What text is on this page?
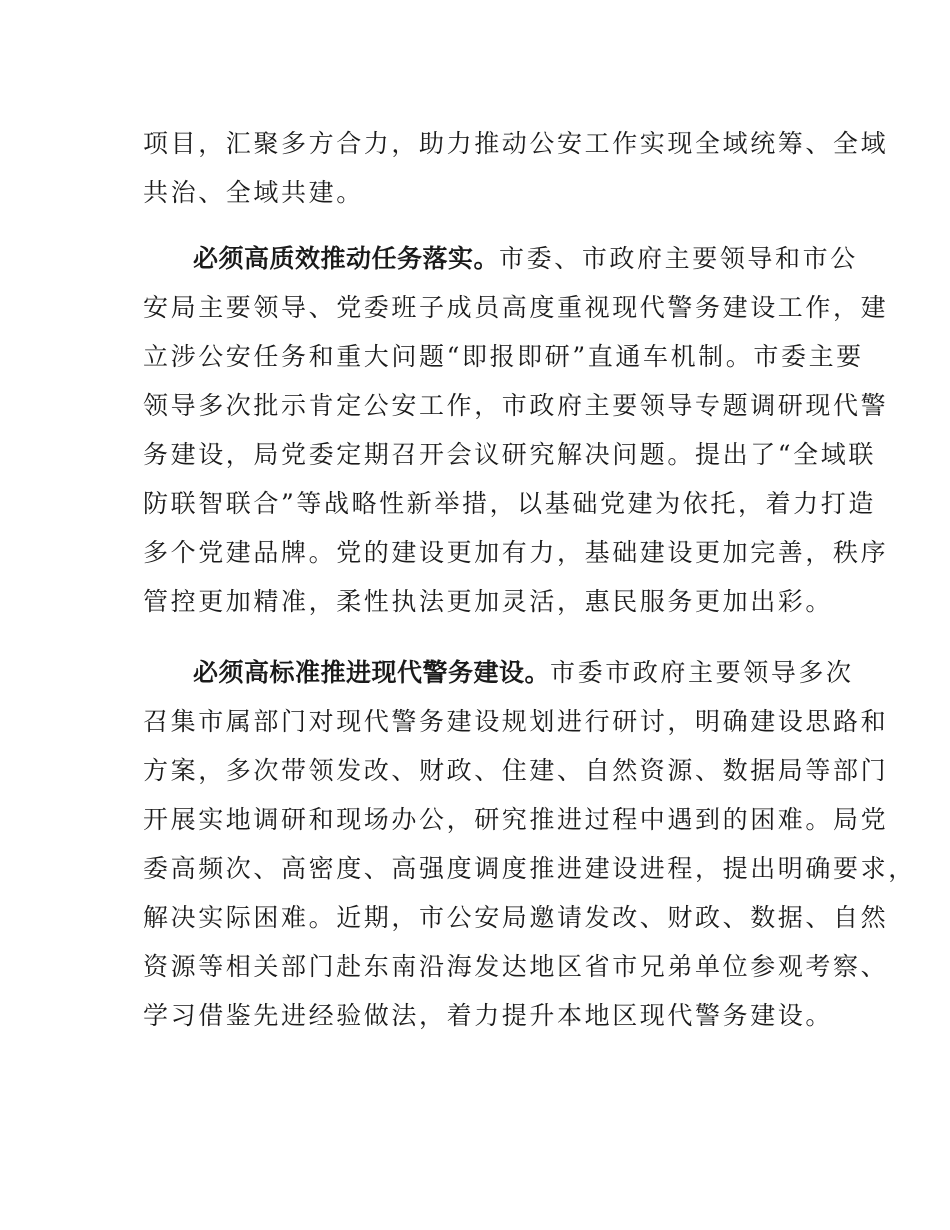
项目，汇聚多方合力，助力推动公安工作实现全域统筹、全域
共治、全域共建。
必须高质效推动任务落实。市委、市政府主要领导和市公
安局主要领导、党委班子成员高度重视现代警务建设工作，建
立涉公安任务和重大问题“即报即研”直通车机制。市委主要
领导多次批示肯定公安工作，市政府主要领导专题调研现代警
务建设，局党委定期召开会议研究解决问题。提出了“全域联
防联智联合”等战略性新举措，以基础党建为依托，着力打造
多个党建品牌。党的建设更加有力，基础建设更加完善，秩序
管控更加精准，柔性执法更加灵活，惠民服务更加出彩。
必须高标准推进现代警务建设。市委市政府主要领导多次
召集市属部门对现代警务建设规划进行研讨，明确建设思路和
方案，多次带领发改、财政、住建、自然资源、数据局等部门
开展实地调研和现场办公，研究推进过程中遇到的困难。局党
委高频次、高密度、高强度调度推进建设进程，提出明确要求，
解决实际困难。近期，市公安局邀请发改、财政、数据、自然
资源等相关部门赴东南沿海发达地区省市兄弟单位参观考察、
学习借鉴先进经验做法，着力提升本地区现代警务建设。
